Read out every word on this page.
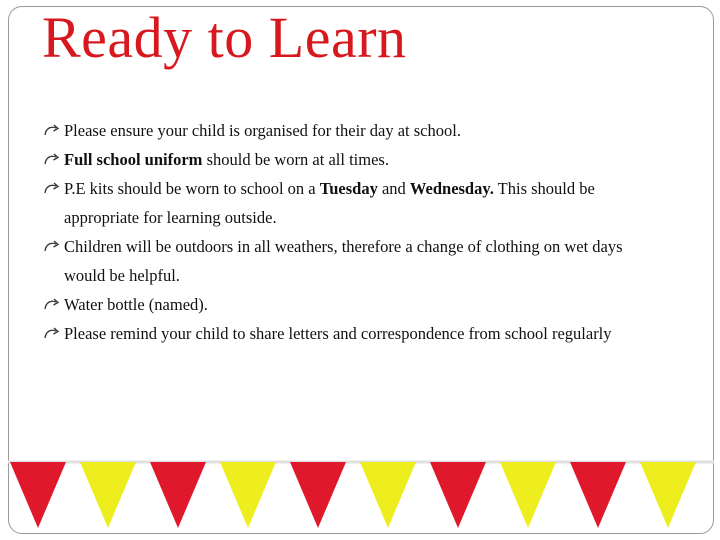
Ready to Learn
Please ensure your child is organised for their day at school.
Full school uniform should be worn at all times.
P.E kits should be worn to school on a Tuesday and Wednesday. This should be appropriate for learning outside.
Children will be outdoors in all weathers, therefore a change of clothing on wet days would be helpful.
Water bottle (named).
Please remind your child to share letters and correspondence from school regularly
